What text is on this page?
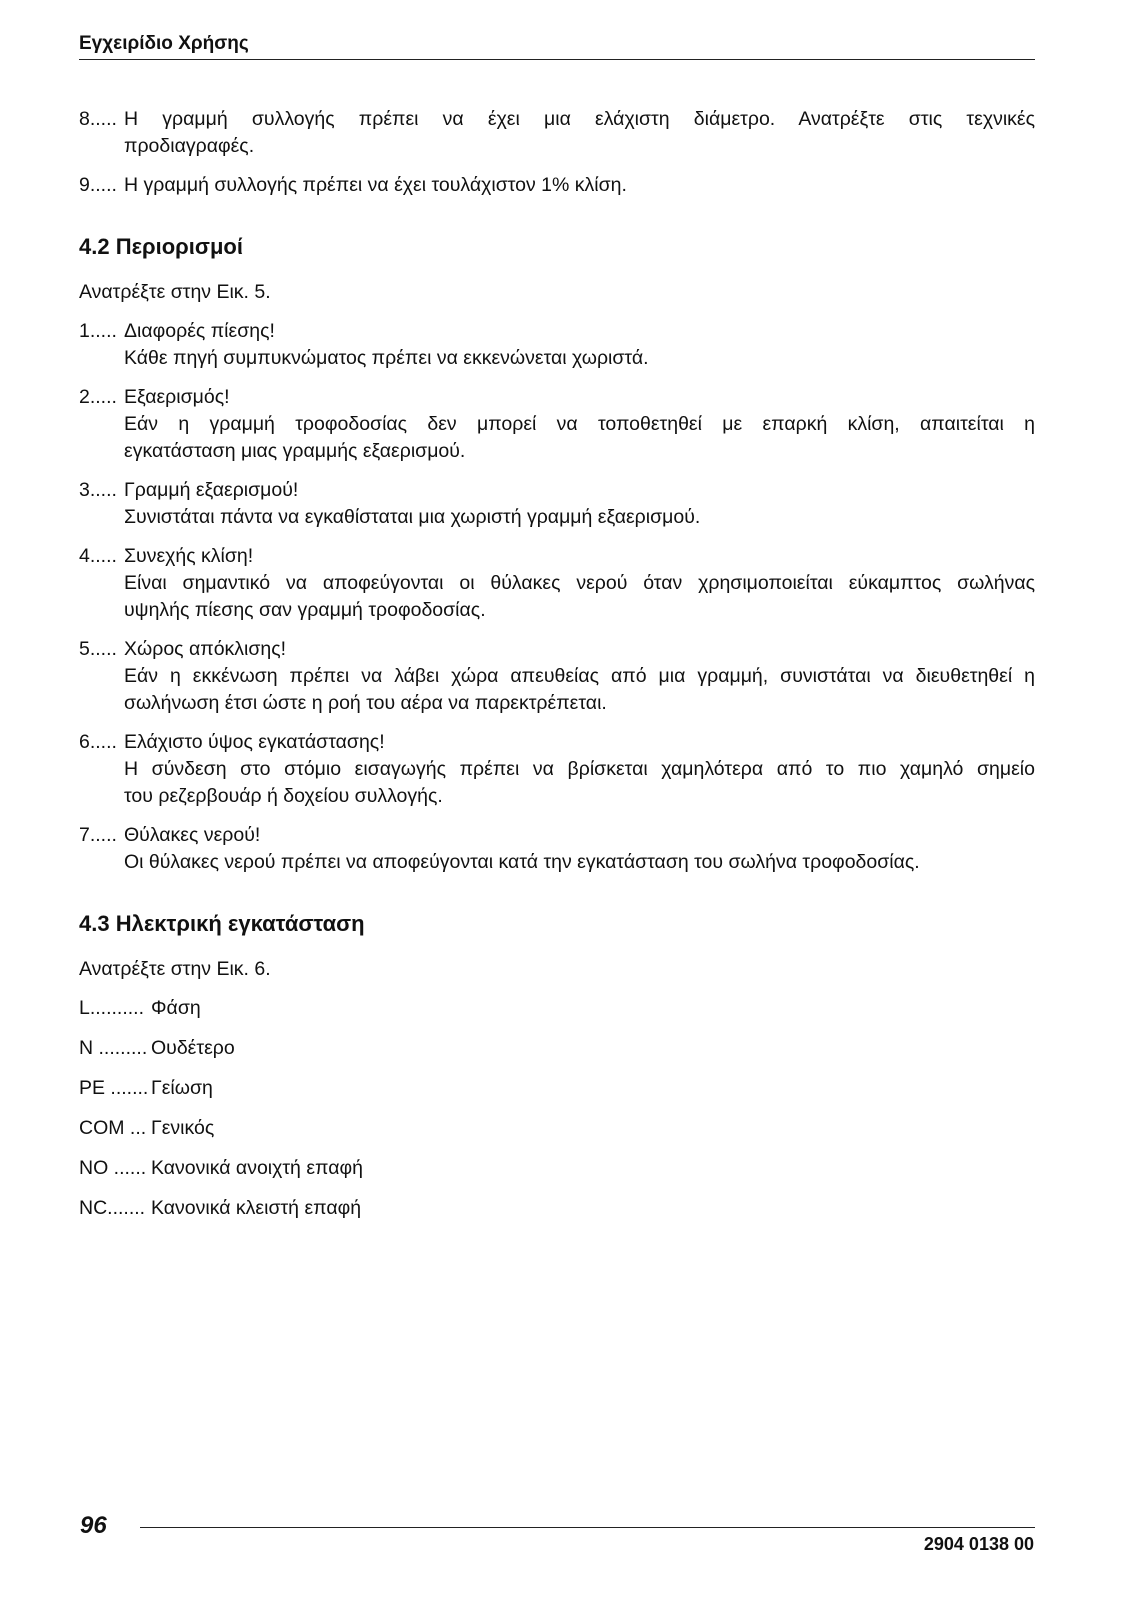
Εγχειρίδιο Χρήσης
8..... Η γραμμή συλλογής πρέπει να έχει μια ελάχιστη διάμετρο. Ανατρέξτε στις τεχνικές
προδιαγραφές.
9..... Η γραμμή συλλογής πρέπει να έχει τουλάχιστον 1% κλίση.
4.2 Περιορισμοί
Ανατρέξτε στην Εικ. 5.
1..... Διαφορές πίεσης!
Κάθε πηγή συμπυκνώματος πρέπει να εκκενώνεται χωριστά.
2..... Εξαερισμός!
Εάν η γραμμή τροφοδοσίας δεν μπορεί να τοποθετηθεί με επαρκή κλίση, απαιτείται η
εγκατάσταση μιας γραμμής εξαερισμού.
3..... Γραμμή εξαερισμού!
Συνιστάται πάντα να εγκαθίσταται μια χωριστή γραμμή εξαερισμού.
4..... Συνεχής κλίση!
Είναι σημαντικό να αποφεύγονται οι θύλακες νερού όταν χρησιμοποιείται εύκαμπτος σωλήνας
υψηλής πίεσης σαν γραμμή τροφοδοσίας.
5..... Χώρος απόκλισης!
Εάν η εκκένωση πρέπει να λάβει χώρα απευθείας από μια γραμμή, συνιστάται να διευθετηθεί η
σωλήνωση έτσι ώστε η ροή του αέρα να παρεκτρέπεται.
6..... Ελάχιστο ύψος εγκατάστασης!
Η σύνδεση στο στόμιο εισαγωγής πρέπει να βρίσκεται χαμηλότερα από το πιο χαμηλό σημείο
του ρεζερβουάρ ή δοχείου συλλογής.
7..... Θύλακες νερού!
Οι θύλακες νερού πρέπει να αποφεύγονται κατά την εγκατάσταση του σωλήνα τροφοδοσίας.
4.3 Ηλεκτρική εγκατάσταση
Ανατρέξτε στην Εικ. 6.
L.......... Φάση
N ......... Ουδέτερο
PE ....... Γείωση
COM ... Γενικός
NO ...... Κανονικά ανοιχτή επαφή
NC....... Κανονικά κλειστή επαφή
96
2904 0138 00
